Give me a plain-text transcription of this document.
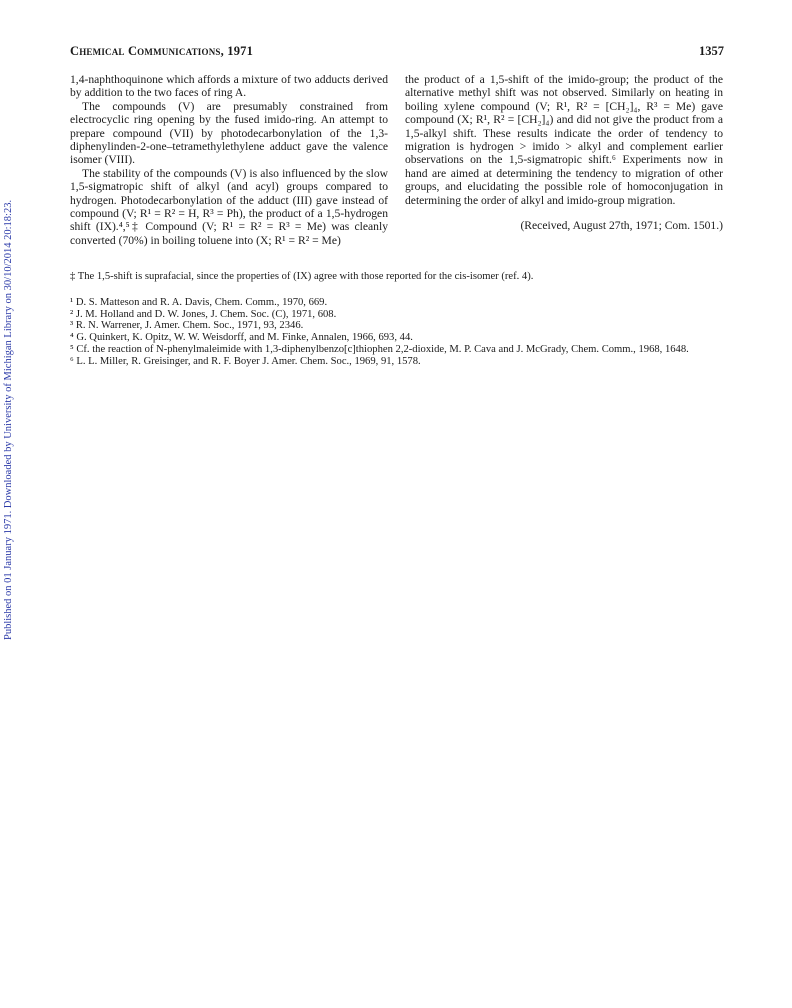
Published on 01 January 1971. Downloaded by University of Michigan Library on 30/10/2014 20:18:23.
Chemical Communications, 1971	1357

1,4-naphthoquinone which affords a mixture of two adducts derived by addition to the two faces of ring A.

The compounds (V) are presumably constrained from electrocyclic ring opening by the fused imido-ring. An attempt to prepare compound (VII) by photodecarbonylation of the 1,3-diphenylinden-2-one–tetramethylethylene adduct gave the valence isomer (VIII).

The stability of the compounds (V) is also influenced by the slow 1,5-sigmatropic shift of alkyl (and acyl) groups compared to hydrogen. Photodecarbonylation of the adduct (III) gave instead of compound (V; R¹ = R² = H, R³ = Ph), the product of a 1,5-hydrogen shift (IX).⁴,⁵‡ Compound (V; R¹ = R² = R³ = Me) was cleanly converted (70%) in boiling toluene into (X; R¹ = R² = Me)

the product of a 1,5-shift of the imido-group; the product of the alternative methyl shift was not observed. Similarly on heating in boiling xylene compound (V; R¹, R² = [CH₂]₄, R³ = Me) gave compound (X; R¹, R² = [CH₂]₄) and did not give the product from a 1,5-alkyl shift. These results indicate the order of tendency to migration is hydrogen > imido > alkyl and complement earlier observations on the 1,5-sigmatropic shift.⁶ Experiments now in hand are aimed at determining the tendency to migration of other groups, and elucidating the possible role of homoconjugation in determining the order of alkyl and imido-group migration.

(Received, August 27th, 1971; Com. 1501.)

‡ The 1,5-shift is suprafacial, since the properties of (IX) agree with those reported for the cis-isomer (ref. 4).

¹ D. S. Matteson and R. A. Davis, Chem. Comm., 1970, 669.
² J. M. Holland and D. W. Jones, J. Chem. Soc. (C), 1971, 608.
³ R. N. Warrener, J. Amer. Chem. Soc., 1971, 93, 2346.
⁴ G. Quinkert, K. Opitz, W. W. Weisdorff, and M. Finke, Annalen, 1966, 693, 44.
⁵ Cf. the reaction of N-phenylmaleimide with 1,3-diphenylbenzo[c]thiophen 2,2-dioxide, M. P. Cava and J. McGrady, Chem. Comm., 1968, 1648.
⁶ L. L. Miller, R. Greisinger, and R. F. Boyer J. Amer. Chem. Soc., 1969, 91, 1578.
